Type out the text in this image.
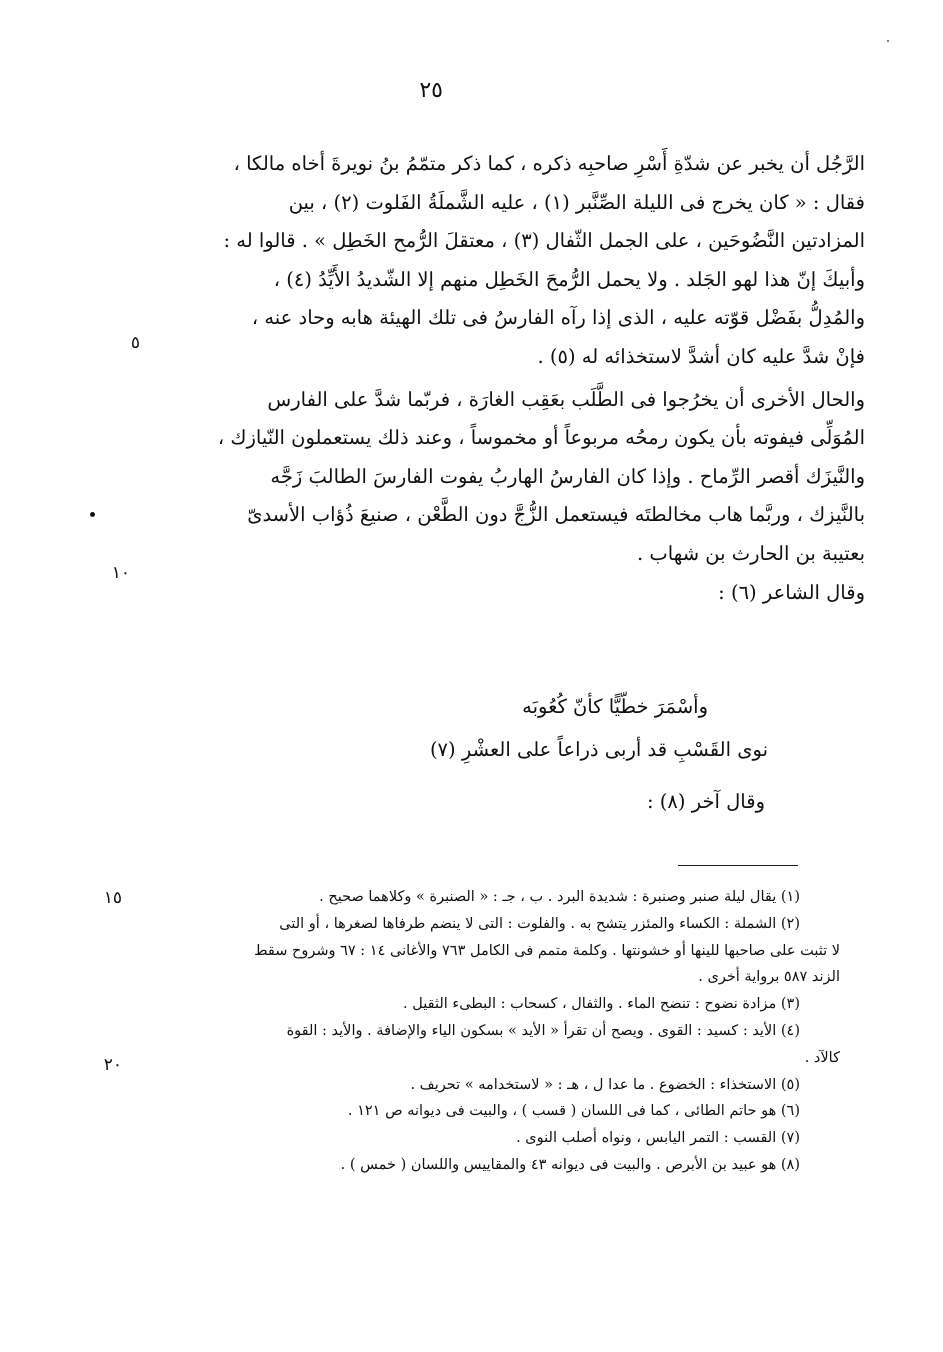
٢٥

الرَّجُل أن يخبر عن شدّةِ أَسْرِ صاحبِه ذكره ، كما ذكر متمّمُ بنُ نويرةَ أخاه مالكا ،

فقال : « كان يخرج فى الليلة الصِّنَّبر (١) ، عليه الشَّملَةُ الفَلوت (٢) ، بين

المزادتين النَّضُوحَين ، على الجمل الثّفال (٣) ، معتقلَ الرُّمح الخَطِل » . قالوا له :

وأبيكَ إنّ هذا لهو الجَلد . ولا يحمل الرُّمحَ الخَطِل منهم إلا الشّديدُ الأَيِّدُ (٤) ،

والمُدِلُّ بفَضْل قوّته عليه ، الذى إذا رآه الفارسُ فى تلك الهيئة هابه وحاد عنه ،

فإنْ شدَّ عليه كان أشدَّ لاستخذائه له (٥) .

والحال الأخرى أن يخرُجوا فى الطَّلَب بعَقِب الغارَة ، فربّما شدَّ على الفارس

المُوَلِّى فيفوته بأن يكون رمحُه مربوعاً أو مخموساً ، وعند ذلك يستعملون النّيازك ،

والنَّيزَك أقصر الرِّماح . وإذا كان الفارسُ الهاربُ يفوت الفارسَ الطالبَ زَجَّه

بالنَّيزك ، وربَّما هاب مخالطتَه فيستعمل الزُّجَّ دون الطَّعْن ، صنيعَ ذُؤاب الأسدىّ

بعتيبة بن الحارث بن شهاب .

وقال الشاعر (٦) :

وأسْمَرَ خطّيًّا كأنّ كُعُوبَه
نوى القَسْبِ قد أربى ذراعاً على العشْرِ (٧)
وقال آخر (٨) :
٥
١٠
١٥
٢٠

(١) يقال ليلة صنبر وصنبرة : شديدة البرد . ب ، جـ : « الصنبرة » وكلاهما صحيح .

(٢) الشملة : الكساء والمئزر يتشح به . والفلوت : التى لا ينضم طرفاها لصغرها ، أو التى

لا تثبت على صاحبها للينها أو خشونتها . وكلمة متمم فى الكامل ٧٦٣ والأغانى ١٤ : ٦٧ وشروح سقط

الزند ٥٨٧ برواية أخرى .

(٣) مزادة نضوح : تنضح الماء . والثفال ، كسحاب : البطىء الثقيل .

(٤) الأيد : كسيد : القوى . ويصح أن تقرأ « الأيد » بسكون الياء والإضافة . والأيد : القوة

كالآد .

(٥) الاستخذاء : الخضوع . ما عدا ل ، هـ : « لاستخدامه » تحريف .

(٦) هو حاتم الطائى ، كما فى اللسان ( قسب ) ، والبيت فى ديوانه ص ١٢١ .

(٧) القسب : التمر اليابس ، ونواه أصلب النوى .

(٨) هو عبيد بن الأبرص . والبيت فى ديوانه ٤٣ والمقاييس واللسان ( خمس ) .
